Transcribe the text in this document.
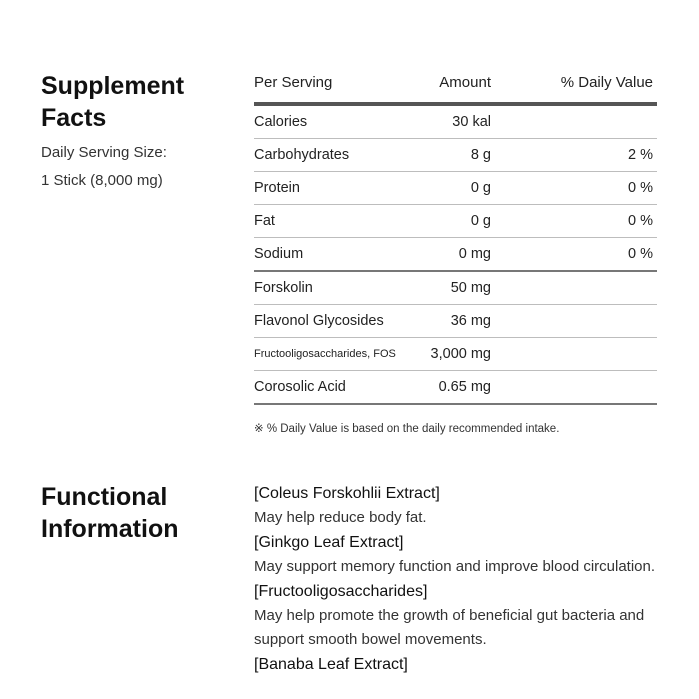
Supplement
Facts
Daily Serving Size:
1 Stick (8,000 mg)
Per Serving	Amount	% Daily Value
Calories	30 kal
Carbohydrates	8 g	2 %
Protein	0 g	0 %
Fat	0 g	0 %
Sodium	0 mg	0 %
Forskolin	50 mg
Flavonol Glycosides	36 mg
Fructooligosaccharides, FOS 3,000 mg
Corosolic Acid	0.65 mg
※ % Daily Value is based on the daily recommended intake.
Functional
Information
[Coleus Forskohlii Extract]
May help reduce body fat.
[Ginkgo Leaf Extract]
May support memory function and improve blood circulation.
[Fructooligosaccharides]
May help promote the growth of beneficial gut bacteria and support smooth bowel movements.
[Banaba Leaf Extract]
